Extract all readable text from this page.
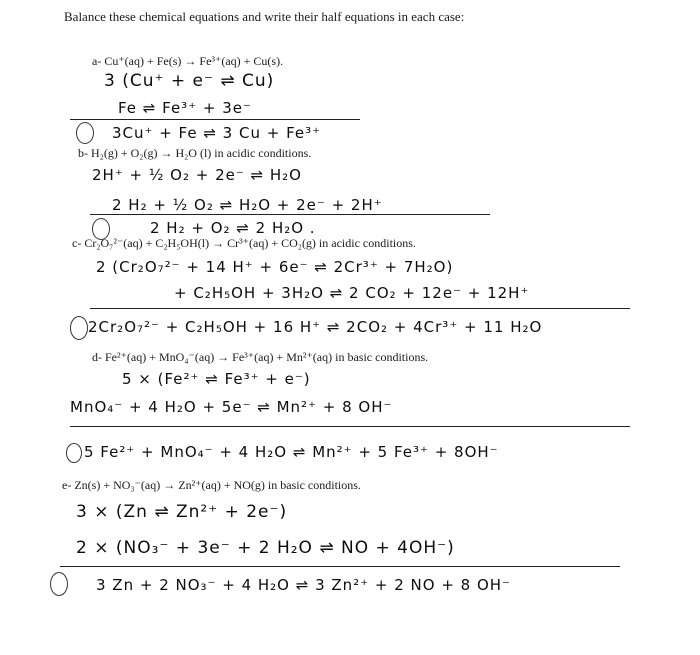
Balance these chemical equations and write their half equations in each case:
a- Cu⁺(aq) + Fe(s) → Fe³⁺(aq) + Cu(s).
3 (Cu⁺ + e⁻ ⇌ Cu)
Fe ⇌ Fe³⁺ + 3e⁻
3Cu⁺ + Fe ⇌ 3 Cu + Fe³⁺
b- H₂(g) + O₂(g) → H₂O (l) in acidic conditions.
2H⁺ + ½ O₂ + 2e⁻ ⇌ H₂O
2 H₂ + ½ O₂ ⇌ H₂O + 2e⁻ + 2H⁺
2 H₂ + O₂ ⇌ 2 H₂O .
c- Cr₂O₇²⁻(aq) + C₂H₅OH(l) → Cr³⁺(aq) + CO₂(g) in acidic conditions.
2 (Cr₂O₇²⁻ + 14 H⁺ + 6e⁻ ⇌ 2Cr³⁺ + 7H₂O)
+ C₂H₅OH + 3H₂O ⇌ 2 CO₂ + 12e⁻ + 12H⁺
2Cr₂O₇²⁻ + C₂H₅OH + 16 H⁺ ⇌ 2CO₂ + 4Cr³⁺ + 11 H₂O
d- Fe²⁺(aq) + MnO₄⁻(aq) → Fe³⁺(aq) + Mn²⁺(aq) in basic conditions.
5 × (Fe²⁺ ⇌ Fe³⁺ + e⁻)
MnO₄⁻ + 4 H₂O + 5e⁻ ⇌ Mn²⁺ + 8 OH⁻
5 Fe²⁺ + MnO₄⁻ + 4 H₂O ⇌ Mn²⁺ + 5 Fe³⁺ + 8OH⁻
e- Zn(s) + NO₃⁻(aq) → Zn²⁺(aq) + NO(g) in basic conditions.
3 × (Zn ⇌ Zn²⁺ + 2e⁻)
2 × (NO₃⁻ + 3e⁻ + 2 H₂O ⇌ NO + 4OH⁻)
3 Zn + 2 NO₃⁻ + 4 H₂O ⇌ 3 Zn²⁺ + 2 NO + 8 OH⁻
